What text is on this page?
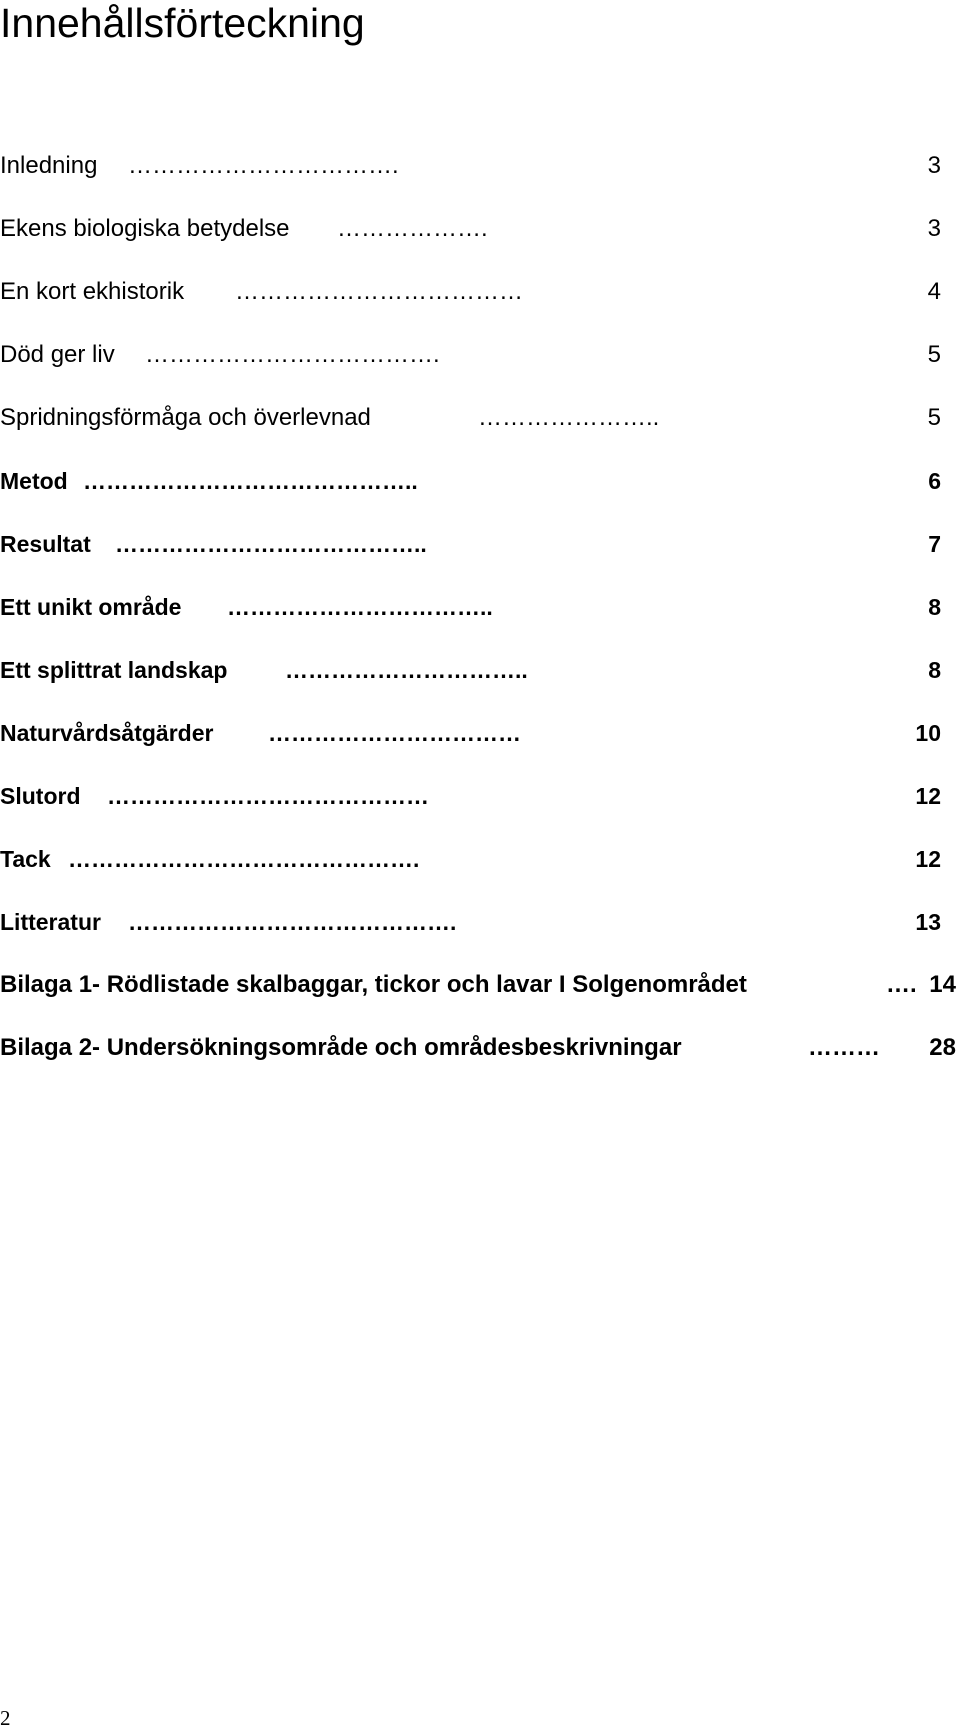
Innehållsförteckning
Inledning …………………………….	3
Ekens biologiska betydelse ……………….	3
En kort ekhistorik ………………………………	4
Död ger liv ……………………………….	5
Spridningsförmåga och överlevnad	…………………..	5
Metod ……………………………………..	6
Resultat …………………………………..	7
Ett unikt område ……………………………..	8
Ett splittrat landskap	…………………………..	8
Naturvårdsåtgärder ……………………………	10
Slutord ……………………………………	12
Tack ……………………………………….	12
Litteratur …………………………………….	13
Bilaga 1- Rödlistade skalbaggar, tickor och lavar I Solgenområdet	…. 14
Bilaga 2- Undersökningsområde och områdesbeskrivningar	……… 28
2
